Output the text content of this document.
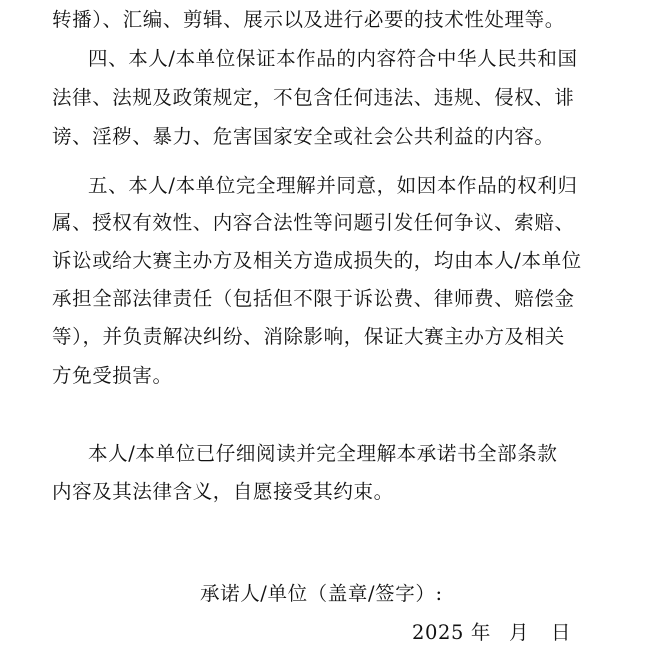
转播）、汇编、剪辑、展示以及进行必要的技术性处理等。
四、本人/本单位保证本作品的内容符合中华人民共和国
法律、法规及政策规定，不包含任何违法、违规、侵权、诽
谤、淫秽、暴力、危害国家安全或社会公共利益的内容。
五、本人/本单位完全理解并同意，如因本作品的权利归
属、授权有效性、内容合法性等问题引发任何争议、索赔、
诉讼或给大赛主办方及相关方造成损失的，均由本人/本单位
承担全部法律责任（包括但不限于诉讼费、律师费、赔偿金
等），并负责解决纠纷、消除影响，保证大赛主办方及相关
方免受损害。
本人/本单位已仔细阅读并完全理解本承诺书全部条款
内容及其法律含义，自愿接受其约束。
承诺人/单位（盖章/签字）:
2025 年 月 日
